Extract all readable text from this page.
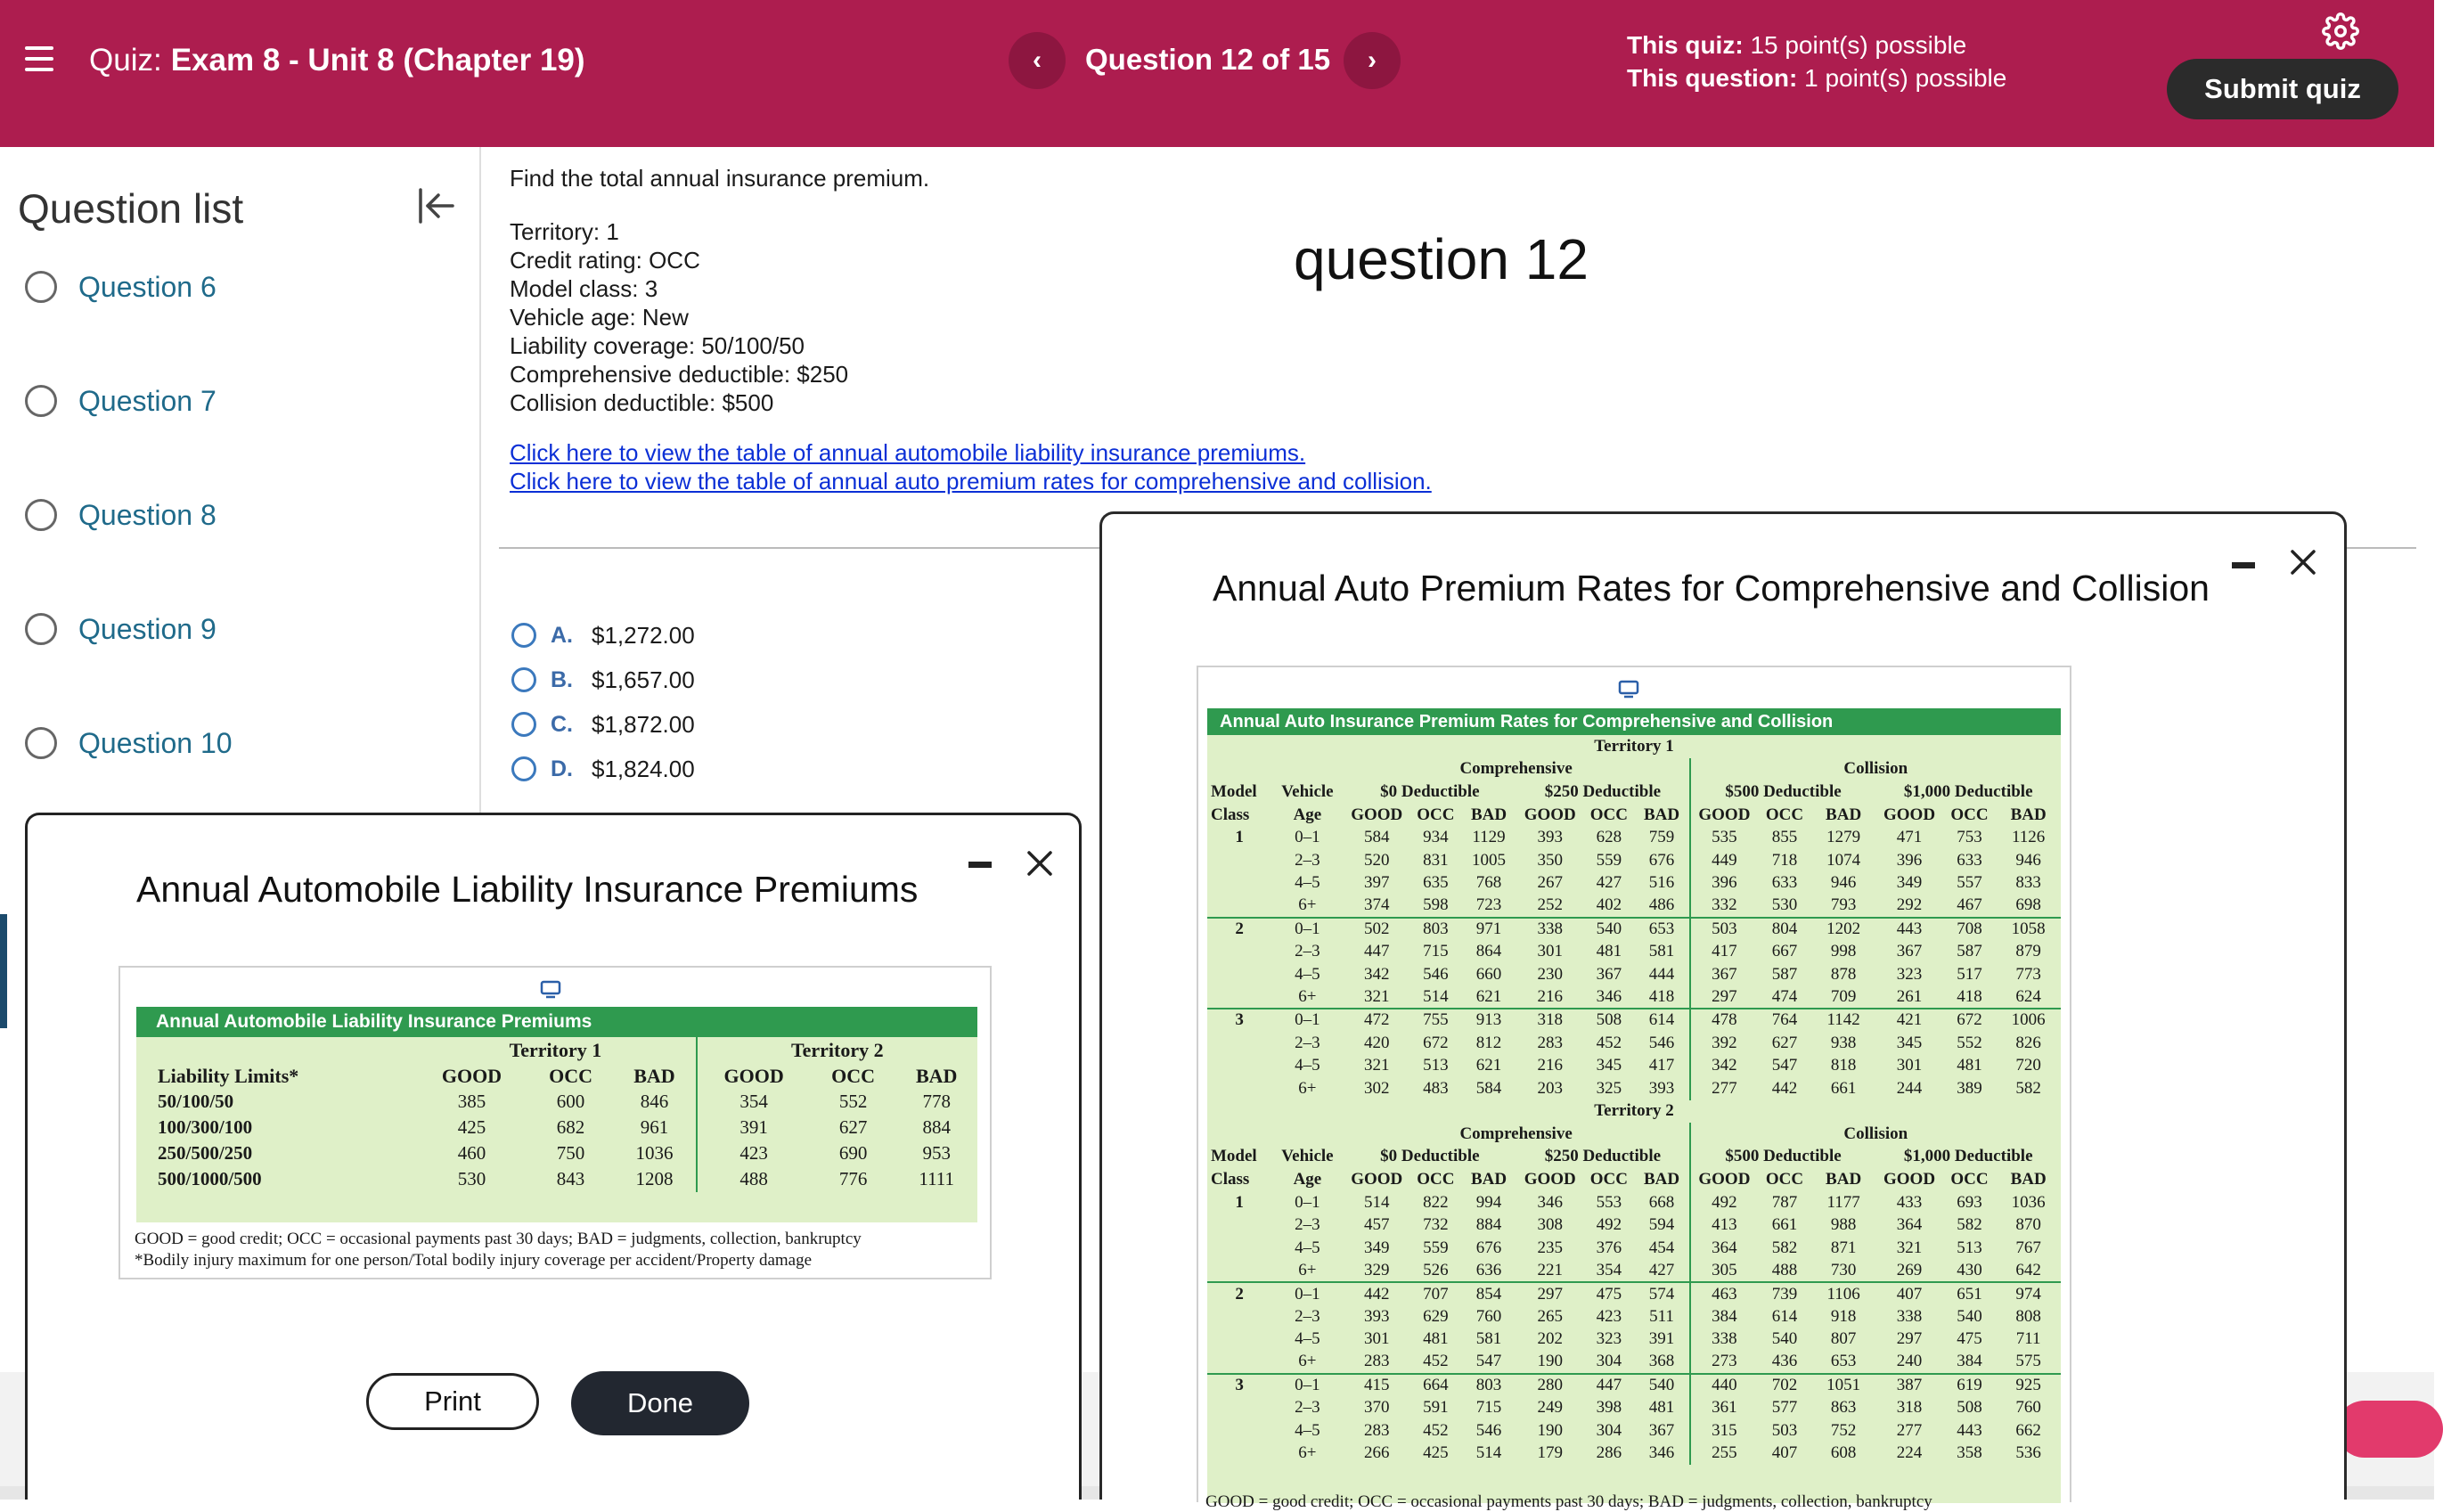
Quiz: Exam 8 - Unit 8 (Chapter 19)	‹ Question 12 of 15 ›
This quiz: 15 point(s) possible
This question: 1 point(s) possible	Submit quiz
Question list
Question 6
Question 7
Question 8
Question 9
Question 10
Find the total annual insurance premium.
Territory: 1
Credit rating: OCC
Model class: 3
Vehicle age: New
Liability coverage: 50/100/50
Comprehensive deductible: $250
Collision deductible: $500
Click here to view the table of annual automobile liability insurance premiums.
Click here to view the table of annual auto premium rates for comprehensive and collision.
question 12
A. $1,272.00
B. $1,657.00
C. $1,872.00
D. $1,824.00
Annual Automobile Liability Insurance Premiums
Annual Automobile Liability Insurance Premiums
	Territory 1			Territory 2		
Liability Limits*	GOOD	OCC	BAD	GOOD	OCC	BAD
50/100/50	385	600	846	354	552	778
100/300/100	425	682	961	391	627	884
250/500/250	460	750	1036	423	690	953
500/1000/500	530	843	1208	488	776	1111
GOOD = good credit; OCC = occasional payments past 30 days; BAD = judgments, collection, bankruptcy
*Bodily injury maximum for one person/Total bodily injury coverage per accident/Property damage
Print	Done
Annual Auto Premium Rates for Comprehensive and Collision
Annual Auto Insurance Premium Rates for Comprehensive and Collision
Territory 1													
		Comprehensive						Collision					
Model	Vehicle	$0 Deductible			$250 Deductible			$500 Deductible			$1,000 Deductible		
Class	Age	GOOD	OCC	BAD	GOOD	OCC	BAD	GOOD	OCC	BAD	GOOD	OCC	BAD
1	0–1	584	934	1129	393	628	759	535	855	1279	471	753	1126
	2–3	520	831	1005	350	559	676	449	718	1074	396	633	946
	4–5	397	635	768	267	427	516	396	633	946	349	557	833
	6+	374	598	723	252	402	486	332	530	793	292	467	698
2	0–1	502	803	971	338	540	653	503	804	1202	443	708	1058
	2–3	447	715	864	301	481	581	417	667	998	367	587	879
	4–5	342	546	660	230	367	444	367	587	878	323	517	773
	6+	321	514	621	216	346	418	297	474	709	261	418	624
3	0–1	472	755	913	318	508	614	478	764	1142	421	672	1006
	2–3	420	672	812	283	452	546	392	627	938	345	552	826
	4–5	321	513	621	216	345	417	342	547	818	301	481	720
	6+	302	483	584	203	325	393	277	442	661	244	389	582
Territory 2													
		Comprehensive						Collision					
Model	Vehicle	$0 Deductible			$250 Deductible			$500 Deductible			$1,000 Deductible		
Class	Age	GOOD	OCC	BAD	GOOD	OCC	BAD	GOOD	OCC	BAD	GOOD	OCC	BAD
1	0–1	514	822	994	346	553	668	492	787	1177	433	693	1036
	2–3	457	732	884	308	492	594	413	661	988	364	582	870
	4–5	349	559	676	235	376	454	364	582	871	321	513	767
	6+	329	526	636	221	354	427	305	488	730	269	430	642
2	0–1	442	707	854	297	475	574	463	739	1106	407	651	974
	2–3	393	629	760	265	423	511	384	614	918	338	540	808
	4–5	301	481	581	202	323	391	338	540	807	297	475	711
	6+	283	452	547	190	304	368	273	436	653	240	384	575
3	0–1	415	664	803	280	447	540	440	702	1051	387	619	925
	2–3	370	591	715	249	398	481	361	577	863	318	508	760
	4–5	283	452	546	190	304	367	315	503	752	277	443	662
	6+	266	425	514	179	286	346	255	407	608	224	358	536
GOOD = good credit; OCC = occasional payments past 30 days; BAD = judgments, collection, bankruptcy
